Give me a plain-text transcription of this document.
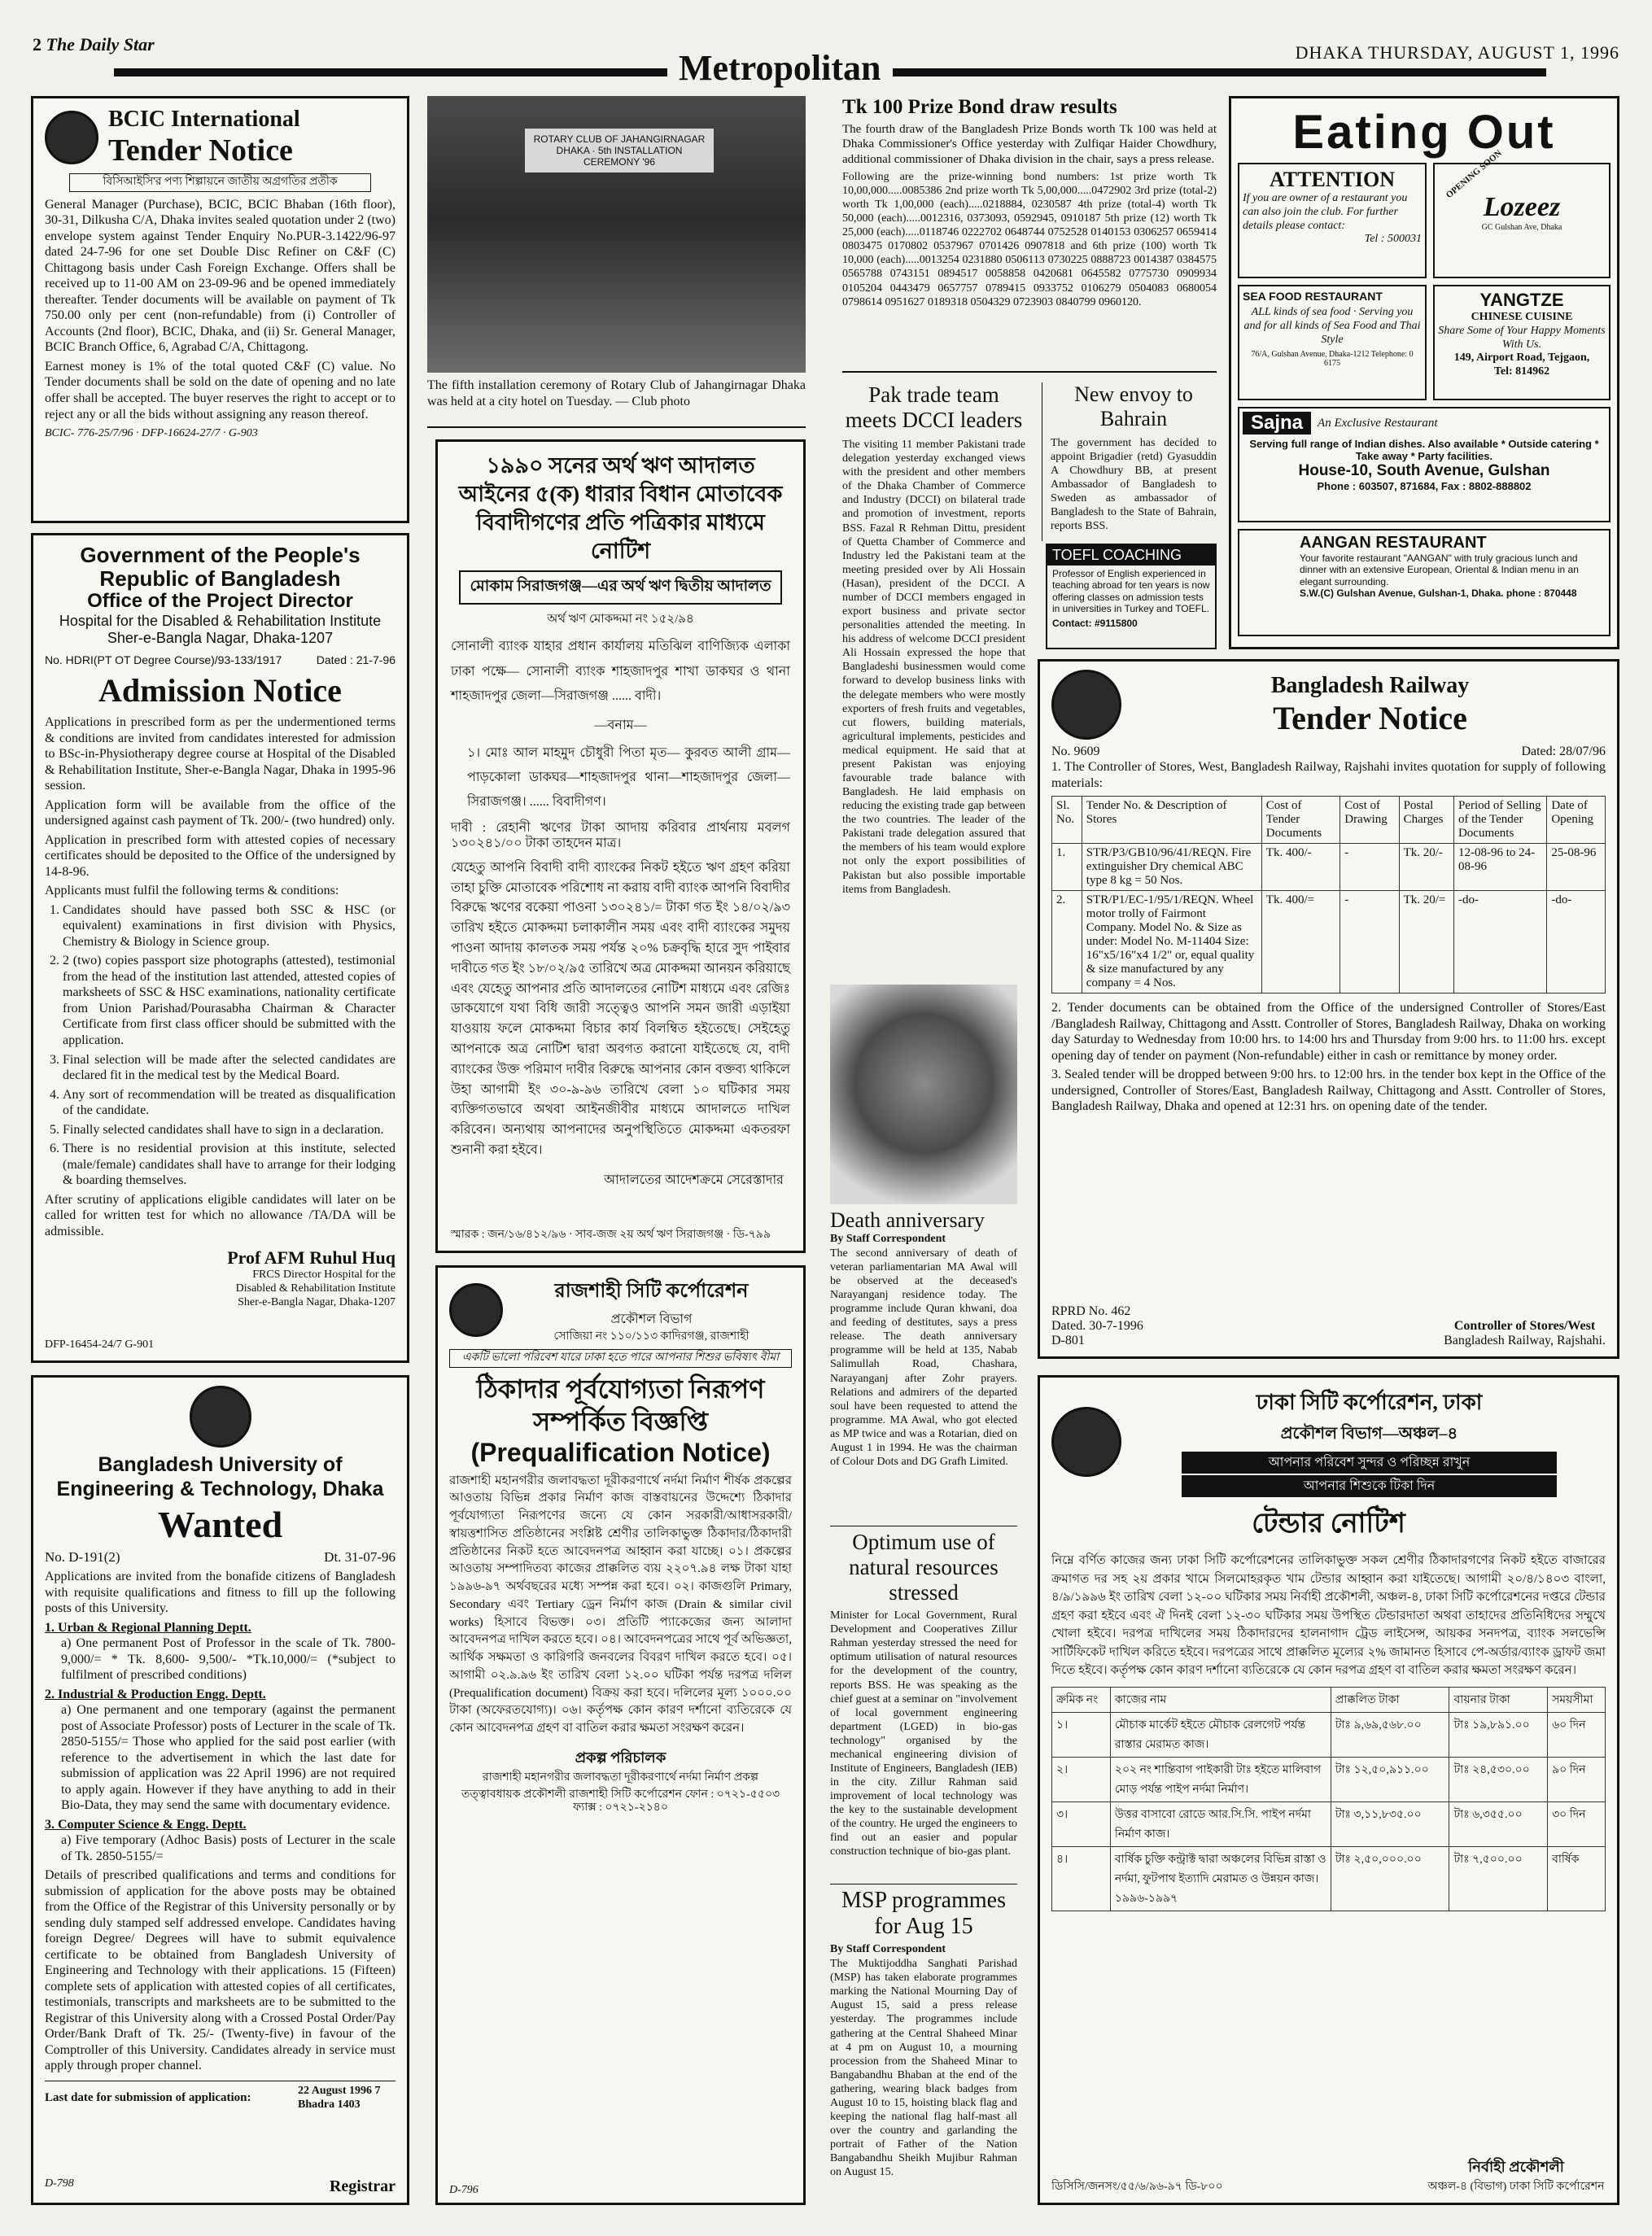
2 The Daily Star
Metropolitan	DHAKA THURSDAY, AUGUST 1, 1996
BCIC International
Tender Notice
বিসিআইসি'র পণ্য শিল্পায়নে জাতীয় অগ্রগতির প্রতীক
General Manager (Purchase), BCIC, BCIC Bhaban (16th floor), 30-31, Dilkusha C/A, Dhaka invites sealed quotation under 2 (two) envelope system against Tender Enquiry No.PUR-3.1422/96-97 dated 24-7-96 for one set Double Disc Refiner on C&F (C) Chittagong basis under Cash Foreign Exchange. Offers shall be received up to 11-00 AM on 23-09-96 and be opened immediately thereafter. Tender documents will be available on payment of Tk 750.00 only per cent (non-refundable) from (i) Controller of Accounts (2nd floor), BCIC, Dhaka, and (ii) Sr. General Manager, BCIC Branch Office, 6, Agrabad C/A, Chittagong.
Earnest money is 1% of the total quoted C&F (C) value. No Tender documents shall be sold on the date of opening and no late offer shall be accepted. The buyer reserves the right to accept or to reject any or all the bids without assigning any reason thereof.
BCIC- 776-25/7/96 · DFP-16624-27/7 · G-903
Government of the People's Republic of Bangladesh
Office of the Project Director
Hospital for the Disabled & Rehabilitation Institute
Sher-e-Bangla Nagar, Dhaka-1207
No. HDRI(PT OT Degree Course)/93-133/1917	Dated : 21-7-96
Admission Notice
Applications in prescribed form as per the undermentioned terms & conditions are invited from candidates interested for admission to BSc-in-Physiotherapy degree course at Hospital of the Disabled & Rehabilitation Institute, Sher-e-Bangla Nagar, Dhaka in 1995-96 session.
Application form will be available from the office of the undersigned against cash payment of Tk. 200/- (two hundred) only.
Application in prescribed form with attested copies of necessary certificates should be deposited to the Office of the undersigned by 14-8-96.
Applicants must fulfil the following terms & conditions:
1. Candidates should have passed both SSC & HSC (or equivalent) examinations in first division with Physics, Chemistry & Biology in Science group.
2. 2 (two) copies passport size photographs (attested), testimonial from the head of the institution last attended, attested copies of marksheets of SSC & HSC examinations, nationality certificate from Union Parishad/Pourasabha Chairman & Character Certificate from first class officer should be submitted with the application.
3. Final selection will be made after the selected candidates are declared fit in the medical test by the Medical Board.
4. Any sort of recommendation will be treated as disqualification of the candidate.
5. Finally selected candidates shall have to sign in a declaration.
6. There is no residential provision at this institute, selected (male/female) candidates shall have to arrange for their lodging & boarding themselves.
After scrutiny of applications eligible candidates will later on be called for written test for which no allowance /TA/DA will be admissible.
Prof AFM Ruhul Huq
FRCS Director Hospital for the Disabled & Rehabilitation Institute Sher-e-Bangla Nagar, Dhaka-1207
DFP-16454-24/7 G-901
Bangladesh University of Engineering & Technology, Dhaka
Wanted
No. D-191(2)	Dt. 31-07-96
Applications are invited from the bonafide citizens of Bangladesh with requisite qualifications and fitness to fill up the following posts of this University.
1. Urban & Regional Planning Deptt.
a) One permanent Post of Professor in the scale of Tk. 7800- 9,000/= * Tk. 8,600- 9,500/- *Tk.10,000/= (*subject to fulfilment of prescribed conditions)
2. Industrial & Production Engg. Deptt.
a) One permanent and one temporary (against the permanent post of Associate Professor) posts of Lecturer in the scale of Tk. 2850-5155/= Those who applied for the said post earlier (with reference to the advertisement in which the last date for submission of application was 22 April 1996) are not required to apply again. However if they have anything to add in their Bio-Data, they may send the same with documentary evidence.
3. Computer Science & Engg. Deptt.
a) Five temporary (Adhoc Basis) posts of Lecturer in the scale of Tk. 2850-5155/=
Details of prescribed qualifications and terms and conditions for submission of application for the above posts may be obtained from the Office of the Registrar of this University personally or by sending duly stamped self addressed envelope. Candidates having foreign Degree/ Degrees will have to submit equivalence certificate to be obtained from Bangladesh University of Engineering and Technology with their applications. 15 (Fifteen) complete sets of application with attested copies of all certificates, testimonials, transcripts and marksheets are to be submitted to the Registrar of this University along with a Crossed Postal Order/Pay Order/Bank Draft of Tk. 25/- (Twenty-five) in favour of the Comptroller of this University. Candidates already in service must apply through proper channel.
Last date for submission of application:
22 August 1996 7 Bhadra 1403
D-798	Registrar
ROTARY CLUB OF JAHANGIRNAGAR DHAKA · 5th INSTALLATION CEREMONY '96
The fifth installation ceremony of Rotary Club of Jahangirnagar Dhaka was held at a city hotel on Tuesday. — Club photo
১৯৯০ সনের অর্থ ঋণ আদালত আইনের ৫(ক) ধারার বিধান মোতাবেক বিবাদীগণের প্রতি পত্রিকার মাধ্যমে নোটিশ
মোকাম সিরাজগঞ্জ—এর অর্থ ঋণ দ্বিতীয় আদালত
অর্থ ঋণ মোকদ্দমা নং ১৫২/৯৪
সোনালী ব্যাংক যাহার প্রধান কার্যালয় মতিঝিল বাণিজ্যিক এলাকা ঢাকা পক্ষে— সোনালী ব্যাংক শাহজাদপুর শাখা ডাকঘর ও থানা শাহজাদপুর জেলা—সিরাজগঞ্জ ...... বাদী।
—বনাম—
১। মোঃ আল মাহমুদ চৌধুরী পিতা মৃত— কুরবত আলী গ্রাম— পাড়কোলা ডাকঘর—শাহজাদপুর থানা—শাহজাদপুর জেলা— সিরাজগঞ্জ। ...... বিবাদীগণ।
দাবী : রেহানী ঋণের টাকা আদায় করিবার প্রার্থনায় মবলগ ১৩০২৪১/০০ টাকা তাহদেন মাত্র।
যেহেতু আপনি বিবাদী বাদী ব্যাংকের নিকট হইতে ঋণ গ্রহণ করিয়া তাহা চুক্তি মোতাবেক পরিশোধ না করায় বাদী ব্যাংক আপনি বিবাদীর বিরুদ্ধে ঋণের বকেয়া পাওনা ১৩০২৪১/= টাকা গত ইং ১৪/০২/৯৩ তারিখ হইতে মোকদ্দমা চলাকালীন সময় এবং বাদী ব্যাংকের সমুদয় পাওনা আদায় কালতক সময় পর্যন্ত ২০% চক্রবৃদ্ধি হারে সুদ পাইবার দাবীতে গত ইং ১৮/০২/৯৫ তারিখে অত্র মোকদ্দমা আনয়ন করিয়াছে এবং যেহেতু আপনার প্রতি আদালতের নোটিশ মাধ্যমে এবং রেজিঃ ডাকযোগে যথা বিধি জারী সত্ত্বেও আপনি সমন জারী এড়াইয়া যাওয়ায় ফলে মোকদ্দমা বিচার কার্য বিলম্বিত হইতেছে। সেইহেতু আপনাকে অত্র নোটিশ দ্বারা অবগত করানো যাইতেছে যে, বাদী ব্যাংকের উক্ত পরিমাণ দাবীর বিরুদ্ধে আপনার কোন বক্তব্য থাকিলে উহা আগামী ইং ৩০-৯-৯৬ তারিখে বেলা ১০ ঘটিকার সময় ব্যক্তিগতভাবে অথবা আইনজীবীর মাধ্যমে আদালতে দাখিল করিবেন। অন্যথায় আপনাদের অনুপস্থিতিতে মোকদ্দমা একতরফা শুনানী করা হইবে।
আদালতের আদেশক্রমে সেরেস্তাদার
স্মারক : জন/১৬/৪১২/৯৬ · সাব-জজ ২য় অর্থ ঋণ সিরাজগঞ্জ · ডি-৭৯৯
রাজশাহী সিটি কর্পোরেশন
প্রকৌশল বিভাগ
সোজিয়া নং ১১০/১১৩ কাদিরগঞ্জ, রাজশাহী
একটি ভালো পরিবেশ যারে ঢাকা হতে পারে আপনার শিশুর ভবিষ্যৎ বীমা
ঠিকাদার পূর্বযোগ্যতা নিরূপণ সম্পর্কিত বিজ্ঞপ্তি
(Prequalification Notice)
রাজশাহী মহানগরীর জলাবদ্ধতা দূরীকরণার্থে নর্দমা নির্মাণ শীর্ষক প্রকল্পের আওতায় বিভিন্ন প্রকার নির্মাণ কাজ বাস্তবায়নের উদ্দেশ্যে ঠিকাদার পূর্বযোগ্যতা নিরূপণের জন্যে যে কোন সরকারী/আধাসরকারী/স্বায়ত্তশাসিত প্রতিষ্ঠানের সংশ্লিষ্ট শ্রেণীর তালিকাভুক্ত ঠিকাদার/ঠিকাদারী প্রতিষ্ঠানের নিকট হতে আবেদনপত্র আহ্বান করা যাচ্ছে। ০১। প্রকল্পের আওতায় সম্পাদিতব্য কাজের প্রাক্কলিত ব্যয় ২২০৭.৯৪ লক্ষ টাকা যাহা ১৯৯৬-৯৭ অর্থবছরের মধ্যে সম্পন্ন করা হবে। ০২। কাজগুলি Primary, Secondary এবং Tertiary ড্রেন নির্মাণ কাজ (Drain & similar civil works) হিসাবে বিভক্ত। ০৩। প্রতিটি প্যাকেজের জন্য আলাদা আবেদনপত্র দাখিল করতে হবে। ০৪। আবেদনপত্রের সাথে পূর্ব অভিজ্ঞতা, আর্থিক সক্ষমতা ও কারিগরি জনবলের বিবরণ দাখিল করতে হবে। ০৫। আগামী ০২.৯.৯৬ ইং তারিখ বেলা ১২.০০ ঘটিকা পর্যন্ত দরপত্র দলিল (Prequalification document) বিক্রয় করা হবে। দলিলের মূল্য ১০০০.০০ টাকা (অফেরতযোগ্য)। ০৬। কর্তৃপক্ষ কোন কারণ দর্শানো ব্যতিরেকে যে কোন আবেদনপত্র গ্রহণ বা বাতিল করার ক্ষমতা সংরক্ষণ করেন।
প্রকল্প পরিচালক
রাজশাহী মহানগরীর জলাবদ্ধতা দূরীকরণার্থে নর্দমা নির্মাণ প্রকল্প
তত্ত্বাবধায়ক প্রকৌশলী রাজশাহী সিটি কর্পোরেশন ফোন : ০৭২১-৫৫০৩ ফ্যাক্স : ০৭২১-২১৪০
D-796
Tk 100 Prize Bond draw results
The fourth draw of the Bangladesh Prize Bonds worth Tk 100 was held at Dhaka Commissioner's Office yesterday with Zulfiqar Haider Chowdhury, additional commissioner of Dhaka division in the chair, says a press release.
Following are the prize-winning bond numbers: 1st prize worth Tk 10,00,000.....0085386 2nd prize worth Tk 5,00,000.....0472902 3rd prize (total-2) worth Tk 1,00,000 (each).....0218884, 0230587 4th prize (total-4) worth Tk 50,000 (each).....0012316, 0373093, 0592945, 0910187 5th prize (12) worth Tk 25,000 (each).....0118746 0222702 0648744 0752528 0140153 0306257 0659414 0803475 0170802 0537967 0701426 0907818 and 6th prize (100) worth Tk 10,000 (each).....0013254 0231880 0506113 0730225 0888723 0014387 0384575 0565788 0743151 0894517 0058858 0420681 0645582 0775730 0909934 0105204 0443479 0657757 0789415 0933752 0106279 0504083 0680054 0798614 0951627 0189318 0504329 0723903 0840799 0960120.
Pak trade team meets DCCI leaders
The visiting 11 member Pakistani trade delegation yesterday exchanged views with the president and other members of the Dhaka Chamber of Commerce and Industry (DCCI) on bilateral trade and promotion of investment, reports BSS. Fazal R Rehman Dittu, president of Quetta Chamber of Commerce and Industry led the Pakistani team at the meeting presided over by Ali Hossain (Hasan), president of the DCCI. A number of DCCI members engaged in export business and private sector personalities attended the meeting. In his address of welcome DCCI president Ali Hossain expressed the hope that Bangladeshi businessmen would come forward to develop business links with the delegate members who were mostly exporters of fresh fruits and vegetables, cut flowers, building materials, agricultural implements, pesticides and medical equipment. He said that at present Pakistan was enjoying favourable trade balance with Bangladesh. He laid emphasis on reducing the existing trade gap between the two countries. The leader of the Pakistani trade delegation assured that the members of his team would explore not only the export possibilities of Pakistan but also possible importable items from Bangladesh.
New envoy to Bahrain
The government has decided to appoint Brigadier (retd) Gyasuddin A Chowdhury BB, at present Ambassador of Bangladesh to Sweden as ambassador of Bangladesh to the State of Bahrain, reports BSS.
TOEFL COACHING
Professor of English experienced in teaching abroad for ten years is now offering classes on admission tests in universities in Turkey and TOEFL.
Contact: #9115800
Death anniversary
By Staff Correspondent
The second anniversary of death of veteran parliamentarian MA Awal will be observed at the deceased's Narayanganj residence today. The programme include Quran khwani, doa and feeding of destitutes, says a press release. The death anniversary programme will be held at 135, Nabab Salimullah Road, Chashara, Narayanganj after Zohr prayers. Relations and admirers of the departed soul have been requested to attend the programme. MA Awal, who got elected as MP twice and was a Rotarian, died on August 1 in 1994. He was the chairman of Colour Dots and DG Grafh Limited.
Optimum use of natural resources stressed
Minister for Local Government, Rural Development and Cooperatives Zillur Rahman yesterday stressed the need for optimum utilisation of natural resources for the development of the country, reports BSS. He was speaking as the chief guest at a seminar on "involvement of local government engineering department (LGED) in bio-gas technology" organised by the mechanical engineering division of Institute of Engineers, Bangladesh (IEB) in the city. Zillur Rahman said improvement of local technology was the key to the sustainable development of the country. He urged the engineers to find out an easier and popular construction technique of bio-gas plant.
MSP programmes for Aug 15
By Staff Correspondent
The Muktijoddha Sanghati Parishad (MSP) has taken elaborate programmes marking the National Mourning Day of August 15, said a press release yesterday. The programmes include gathering at the Central Shaheed Minar at 4 pm on August 10, a mourning procession from the Shaheed Minar to Bangabandhu Bhaban at the end of the gathering, wearing black badges from August 10 to 15, hoisting black flag and keeping the national flag half-mast all over the country and garlanding the portrait of Father of the Nation Bangabandhu Sheikh Mujibur Rahman on August 15.
Eating Out
ATTENTION
If you are owner of a restaurant you can also join the club. For further details please contact:
Tel : 500031
OPENING SOON
Lozeez
GC Gulshan Ave, Dhaka
SEA FOOD RESTAURANT
ALL kinds of sea food · Serving you and for all kinds of Sea Food and Thai Style
76/A, Gulshan Avenue, Dhaka-1212 Telephone: 0 6175
YANGTZE
CHINESE CUISINE
Share Some of Your Happy Moments With Us.
149, Airport Road, Tejgaon,
Tel: 814962
Sajna	An Exclusive Restaurant
Serving full range of Indian dishes. Also available * Outside catering * Take away * Party facilities.
House-10, South Avenue, Gulshan
Phone : 603507, 871684, Fax : 8802-888802
AANGAN RESTAURANT
Your favorite restaurant "AANGAN" with truly gracious lunch and dinner with an extensive European, Oriental & Indian menu in an elegant surrounding.
S.W.(C) Gulshan Avenue, Gulshan-1, Dhaka. phone : 870448
Bangladesh Railway
Tender Notice
No. 9609	Dated: 28/07/96
1. The Controller of Stores, West, Bangladesh Railway, Rajshahi invites quotation for supply of following materials:
Sl. No.	Tender No. & Description of Stores	Cost of Tender Documents	Cost of Drawing	Postal Charges	Period of Selling of the Tender Documents	Date of Opening
1.	STR/P3/GB10/96/41/REQN. Fire extinguisher Dry chemical ABC type 8 kg = 50 Nos.	Tk. 400/-	-	Tk. 20/-	12-08-96 to 24-08-96	25-08-96
2.	STR/P1/EC-1/95/1/REQN. Wheel motor trolly of Fairmont Company. Model No. & Size as under: Model No. M-11404 Size: 16"x5/16"x4 1/2" or, equal quality & size manufactured by any company = 4 Nos.	Tk. 400/=	-	Tk. 20/=	-do-	-do-
2. Tender documents can be obtained from the Office of the undersigned Controller of Stores/East /Bangladesh Railway, Chittagong and Asstt. Controller of Stores, Bangladesh Railway, Dhaka on working day Saturday to Wednesday from 10:00 hrs. to 14:00 hrs and Thursday from 9:00 hrs. to 11:00 hrs. except opening day of tender on payment (Non-refundable) either in cash or remittance by money order.
3. Sealed tender will be dropped between 9:00 hrs. to 12:00 hrs. in the tender box kept in the Office of the undersigned, Controller of Stores/East, Bangladesh Railway, Chittagong and Asstt. Controller of Stores, Bangladesh Railway, Dhaka and opened at 12:31 hrs. on opening date of the tender.
RPRD No. 462
Dated. 30-7-1996
D-801
Controller of Stores/West
Bangladesh Railway, Rajshahi.
ঢাকা সিটি কর্পোরেশন, ঢাকা
প্রকৌশল বিভাগ—অঞ্চল–৪
আপনার পরিবেশ সুন্দর ও পরিচ্ছন্ন রাখুন
আপনার শিশুকে টিকা দিন
টেন্ডার নোটিশ
নিম্নে বর্ণিত কাজের জন্য ঢাকা সিটি কর্পোরেশনের তালিকাভুক্ত সকল শ্রেণীর ঠিকাদারগণের নিকট হইতে বাজারের ক্রমাগত দর সহ ২য় প্রকার খামে সিলমোহরকৃত খাম টেন্ডার আহ্বান করা যাইতেছে। আগামী ২০/৪/১৪০৩ বাংলা, ৪/৯/১৯৯৬ ইং তারিখ বেলা ১২-০০ ঘটিকার সময় নির্বাহী প্রকৌশলী, অঞ্চল-৪, ঢাকা সিটি কর্পোরেশনের দপ্তরে টেন্ডার গ্রহণ করা হইবে এবং ঐ দিনই বেলা ১২-৩০ ঘটিকার সময় উপস্থিত টেন্ডারদাতা অথবা তাহাদের প্রতিনিধিদের সম্মুখে খোলা হইবে। দরপত্র দাখিলের সময় ঠিকাদারদের হালনাগাদ ট্রেড লাইসেন্স, আয়কর সনদপত্র, ব্যাংক সলভেন্সি সার্টিফিকেট দাখিল করিতে হইবে। দরপত্রের সাথে প্রাক্কলিত মূল্যের ২% জামানত হিসাবে পে-অর্ডার/ব্যাংক ড্রাফট জমা দিতে হইবে। কর্তৃপক্ষ কোন কারণ দর্শানো ব্যতিরেকে যে কোন দরপত্র গ্রহণ বা বাতিল করার ক্ষমতা সংরক্ষণ করেন।
ক্রমিক নং	কাজের নাম	প্রাক্কলিত টাকা	বায়নার টাকা	সময়সীমা
১।	মৌচাক মার্কেট হইতে মৌচাক রেলগেট পর্যন্ত রাস্তার মেরামত কাজ।	টাঃ ৯,৬৯,৫৬৮.০০	টাঃ ১৯,৮৯১.০০	৬০ দিন
২।	২০২ নং শান্তিবাগ পাইকারী টাঃ হইতে মালিবাগ মোড় পর্যন্ত পাইপ নর্দমা নির্মাণ।	টাঃ ১২,৫০,৯১১.০০	টাঃ ২৪,৫৩০.০০	৯০ দিন
৩।	উত্তর বাসাবো রোডে আর.সি.সি. পাইপ নর্দমা নির্মাণ কাজ।	টাঃ ৩,১১,৮৩৫.০০	টাঃ ৬,৩৫৫.০০	৩০ দিন
৪।	বার্ষিক চুক্তি কন্ট্রাক্ট দ্বারা অঞ্চলের বিভিন্ন রাস্তা ও নর্দমা, ফুটপাথ ইত্যাদি মেরামত ও উন্নয়ন কাজ। ১৯৯৬-১৯৯৭	টাঃ ২,৫০,০০০.০০	টাঃ ৭,৫০০.০০	বার্ষিক
ডিসিসি/জনসং/৫৫/৬/৯৬-৯৭ ডি-৮০০
নির্বাহী প্রকৌশলী
অঞ্চল-৪ (বিভাগ) ঢাকা সিটি কর্পোরেশন
